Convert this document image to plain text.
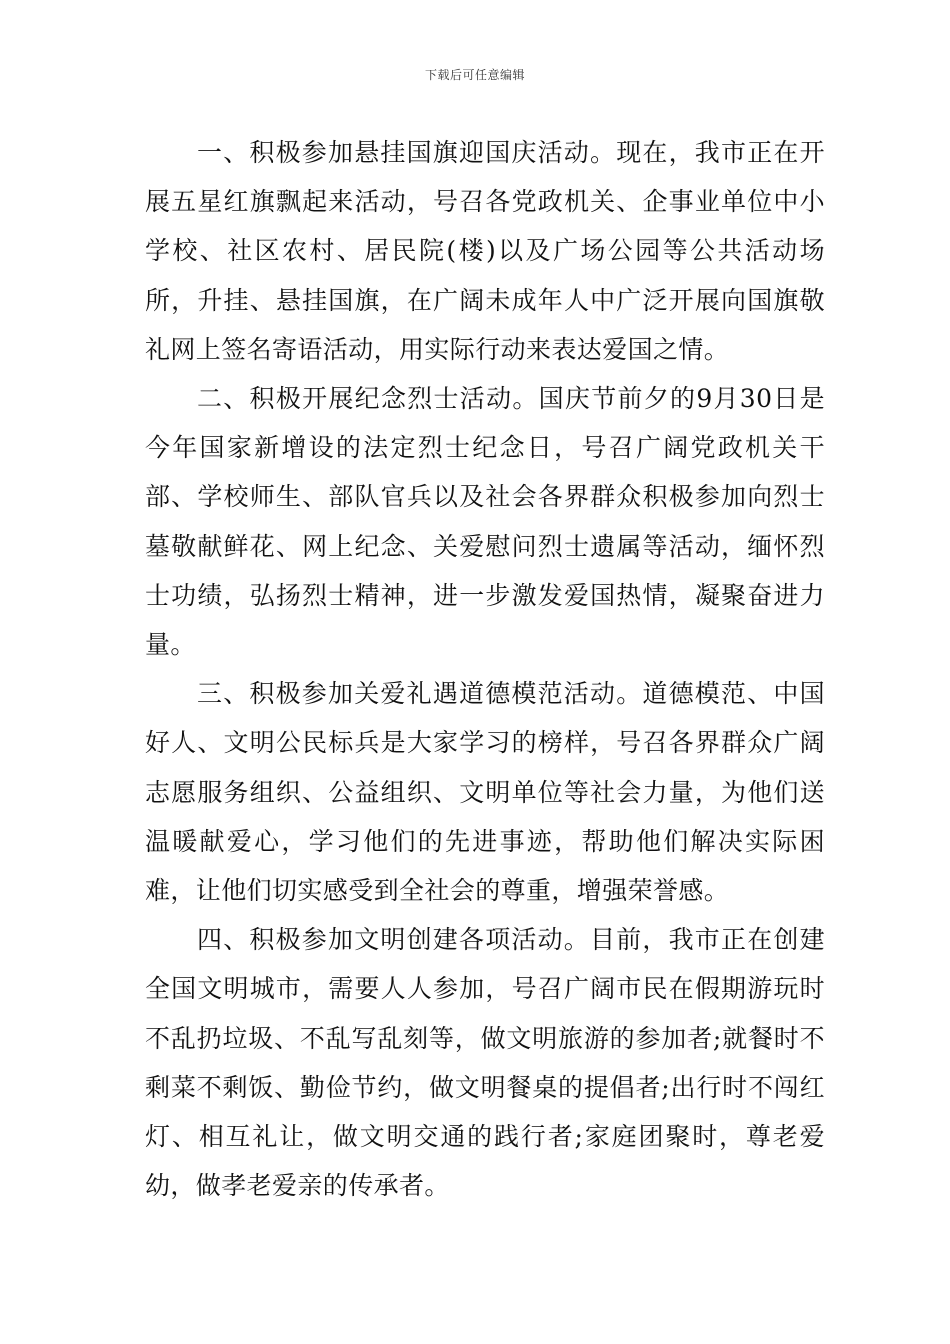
下载后可任意编辑

一、积极参加悬挂国旗迎国庆活动。现在，我市正在开展五星红旗飘起来活动，号召各党政机关、企事业单位中小学校、社区农村、居民院(楼)以及广场公园等公共活动场所，升挂、悬挂国旗，在广阔未成年人中广泛开展向国旗敬礼网上签名寄语活动，用实际行动来表达爱国之情。

二、积极开展纪念烈士活动。国庆节前夕的9月30日是今年国家新增设的法定烈士纪念日，号召广阔党政机关干部、学校师生、部队官兵以及社会各界群众积极参加向烈士墓敬献鲜花、网上纪念、关爱慰问烈士遗属等活动，缅怀烈士功绩，弘扬烈士精神，进一步激发爱国热情，凝聚奋进力量。

三、积极参加关爱礼遇道德模范活动。道德模范、中国好人、文明公民标兵是大家学习的榜样，号召各界群众广阔志愿服务组织、公益组织、文明单位等社会力量，为他们送温暖献爱心，学习他们的先进事迹，帮助他们解决实际困难，让他们切实感受到全社会的尊重，增强荣誉感。

四、积极参加文明创建各项活动。目前，我市正在创建全国文明城市，需要人人参加，号召广阔市民在假期游玩时不乱扔垃圾、不乱写乱刻等，做文明旅游的参加者;就餐时不剩菜不剩饭、勤俭节约，做文明餐桌的提倡者;出行时不闯红灯、相互礼让，做文明交通的践行者;家庭团聚时，尊老爱幼，做孝老爱亲的传承者。
